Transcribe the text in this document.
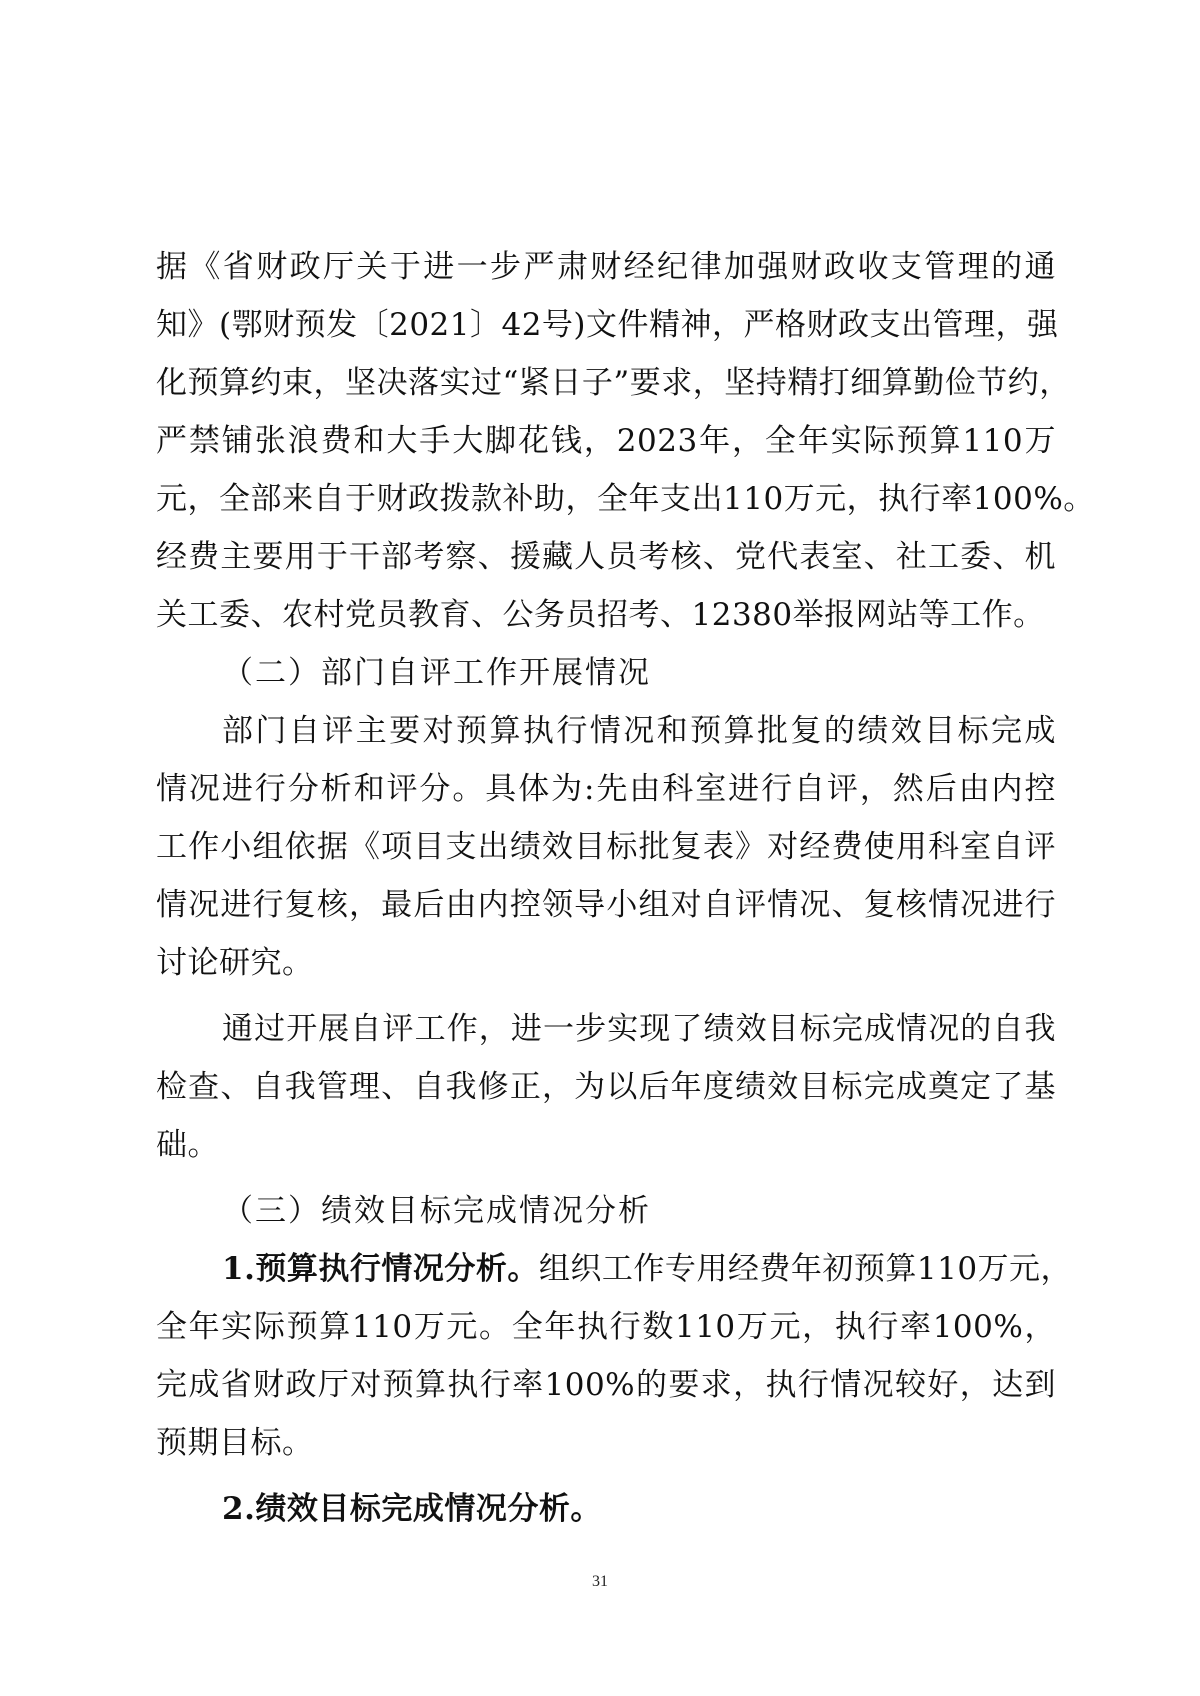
据《省财政厅关于进一步严肃财经纪律加强财政收支管理的通
知》(鄂财预发〔2021〕42号)文件精神，严格财政支出管理，强
化预算约束，坚决落实过“紧日子”要求，坚持精打细算勤俭节约，
严禁铺张浪费和大手大脚花钱，2023年，全年实际预算110万
元，全部来自于财政拨款补助，全年支出110万元，执行率100%。
经费主要用于干部考察、援藏人员考核、党代表室、社工委、机
关工委、农村党员教育、公务员招考、12380举报网站等工作。
（二）部门自评工作开展情况
部门自评主要对预算执行情况和预算批复的绩效目标完成
情况进行分析和评分。具体为:先由科室进行自评，然后由内控
工作小组依据《项目支出绩效目标批复表》对经费使用科室自评
情况进行复核，最后由内控领导小组对自评情况、复核情况进行
讨论研究。
通过开展自评工作，进一步实现了绩效目标完成情况的自我
检查、自我管理、自我修正，为以后年度绩效目标完成奠定了基
础。
（三）绩效目标完成情况分析
1.预算执行情况分析。组织工作专用经费年初预算110万元，
全年实际预算110万元。全年执行数110万元，执行率100%，
完成省财政厅对预算执行率100%的要求，执行情况较好，达到
预期目标。
2.绩效目标完成情况分析。
31
